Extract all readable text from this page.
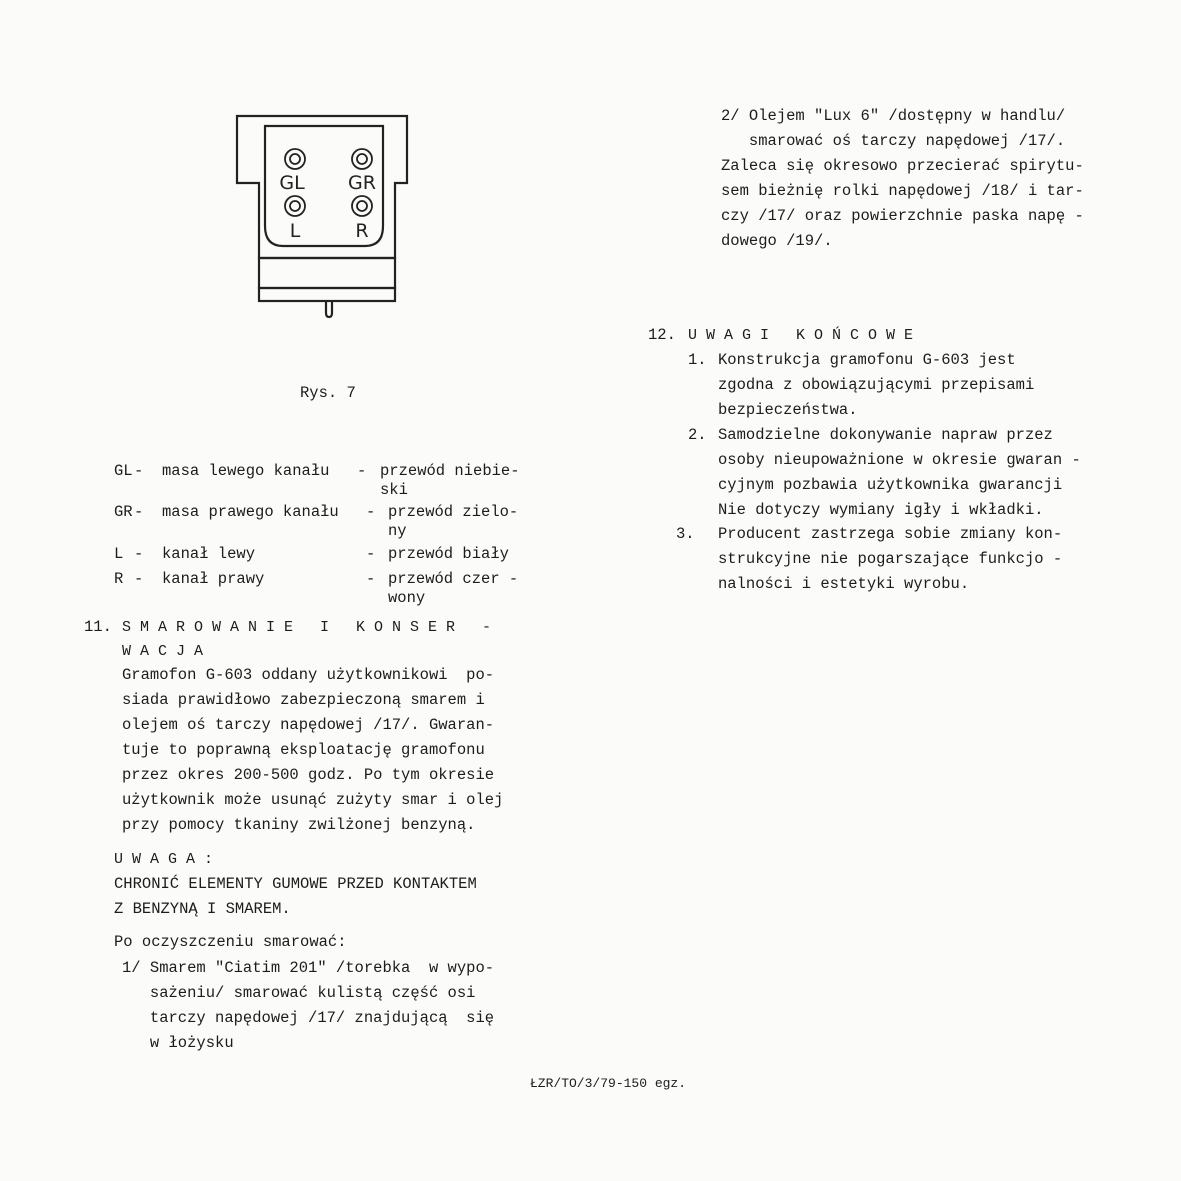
GL GR
L	R
Rys. 7
GL - masa lewego kanału - przewód niebie-
ski
GR - masa prawego kanału - przewód zielo-
ny
L - kanał lewy	- przewód biały
R - kanał prawy	- przewód czer -
wony
11. SMAROWANIE I KONSER -
WACJA
Gramofon G-603 oddany użytkownikowi  po-
siada prawidłowo zabezpieczoną smarem i
olejem oś tarczy napędowej /17/. Gwaran-
tuje to poprawną eksploatację gramofonu
przez okres 200-500 godz. Po tym okresie
użytkownik może usunąć zużyty smar i olej
przy pomocy tkaniny zwilżonej benzyną.
UWAGA:
CHRONIĆ ELEMENTY GUMOWE PRZED KONTAKTEM
Z BENZYNĄ I SMAREM.
Po oczyszczeniu smarować:
1/ Smarem "Ciatim 201" /torebka  w wypo-
sażeniu/ smarować kulistą część osi
tarczy napędowej /17/ znajdującą  się
w łożysku
2/ Olejem "Lux 6" /dostępny w handlu/
smarować oś tarczy napędowej /17/.
Zaleca się okresowo przecierać spirytu-
sem bieżnię rolki napędowej /18/ i tar-
czy /17/ oraz powierzchnie paska napę -
dowego /19/.
12. UWAGI KOŃCOWE
1. Konstrukcja gramofonu G-603 jest
zgodna z obowiązującymi przepisami
bezpieczeństwa.
2. Samodzielne dokonywanie napraw przez
osoby nieupoważnione w okresie gwaran -
cyjnym pozbawia użytkownika gwarancji
Nie dotyczy wymiany igły i wkładki.
3. Producent zastrzega sobie zmiany kon-
strukcyjne nie pogarszające funkcjo -
nalności i estetyki wyrobu.
ŁZR/TO/3/79-150 egz.
